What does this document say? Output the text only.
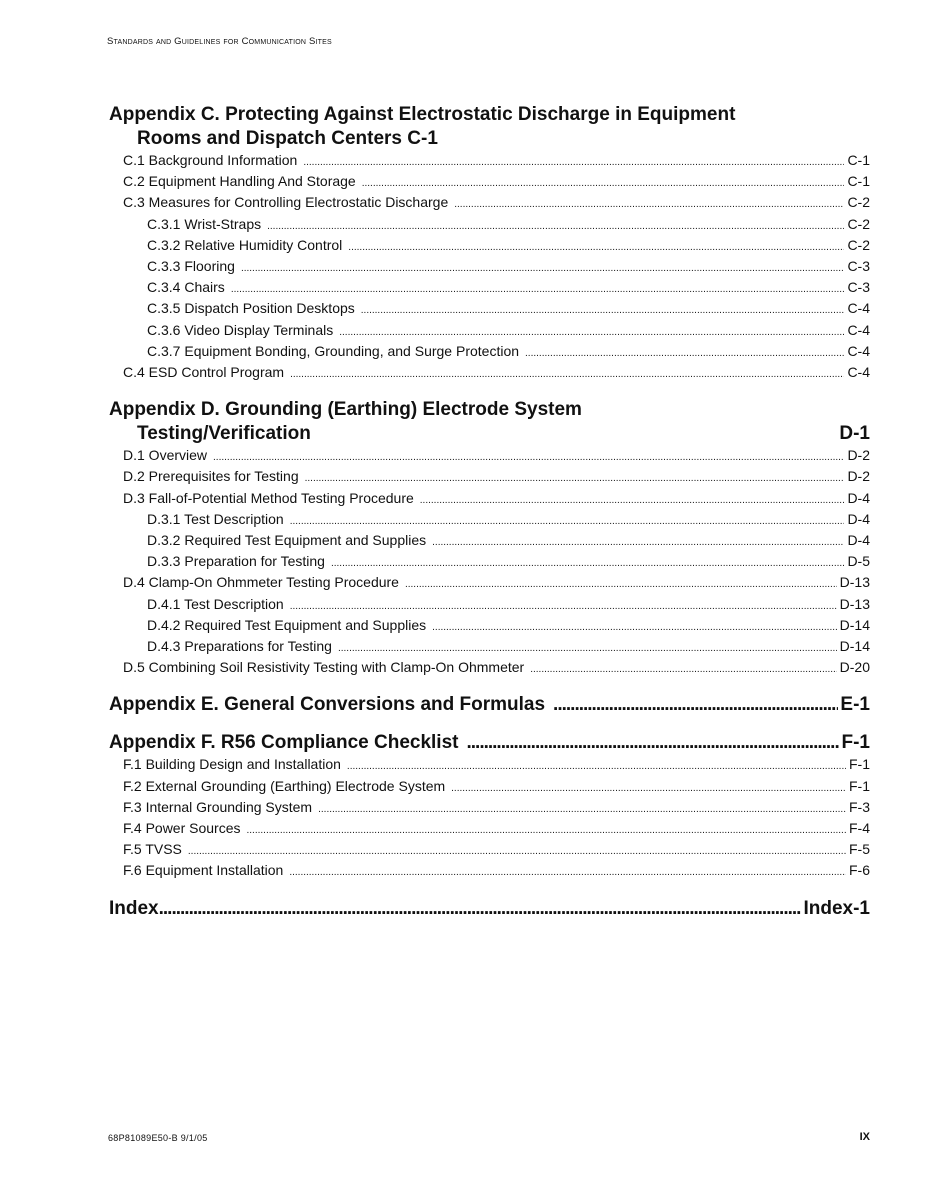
Standards and Guidelines for Communication Sites
Appendix C. Protecting Against Electrostatic Discharge in Equipment
Rooms and Dispatch Centers C-1
C.1 Background Information .....	C-1
C.2 Equipment Handling And Storage .....	C-1
C.3 Measures for Controlling Electrostatic Discharge .....	C-2
C.3.1 Wrist-Straps .....	C-2
C.3.2 Relative Humidity Control .....	C-2
C.3.3 Flooring .....	C-3
C.3.4 Chairs .....	C-3
C.3.5 Dispatch Position Desktops .....	C-4
C.3.6 Video Display Terminals .....	C-4
C.3.7 Equipment Bonding, Grounding, and Surge Protection .....	C-4
C.4 ESD Control Program .....	C-4
Appendix D. Grounding (Earthing) Electrode System
Testing/Verification	D-1
D.1 Overview .....	D-2
D.2 Prerequisites for Testing .....	D-2
D.3 Fall-of-Potential Method Testing Procedure .....	D-4
D.3.1 Test Description .....	D-4
D.3.2 Required Test Equipment and Supplies .....	D-4
D.3.3 Preparation for Testing .....	D-5
D.4 Clamp-On Ohmmeter Testing Procedure .....	D-13
D.4.1 Test Description .....	D-13
D.4.2 Required Test Equipment and Supplies .....	D-14
D.4.3 Preparations for Testing .....	D-14
D.5 Combining Soil Resistivity Testing with Clamp-On Ohmmeter .....	D-20
Appendix E. General Conversions and Formulas .....	E-1
Appendix F. R56 Compliance Checklist .....	F-1
F.1 Building Design and Installation .....	F-1
F.2 External Grounding (Earthing) Electrode System .....	F-1
F.3 Internal Grounding System .....	F-3
F.4 Power Sources .....	F-4
F.5 TVSS .....	F-5
F.6 Equipment Installation .....	F-6
Index .....	Index-1
68P81089E50-B 9/1/05	IX
